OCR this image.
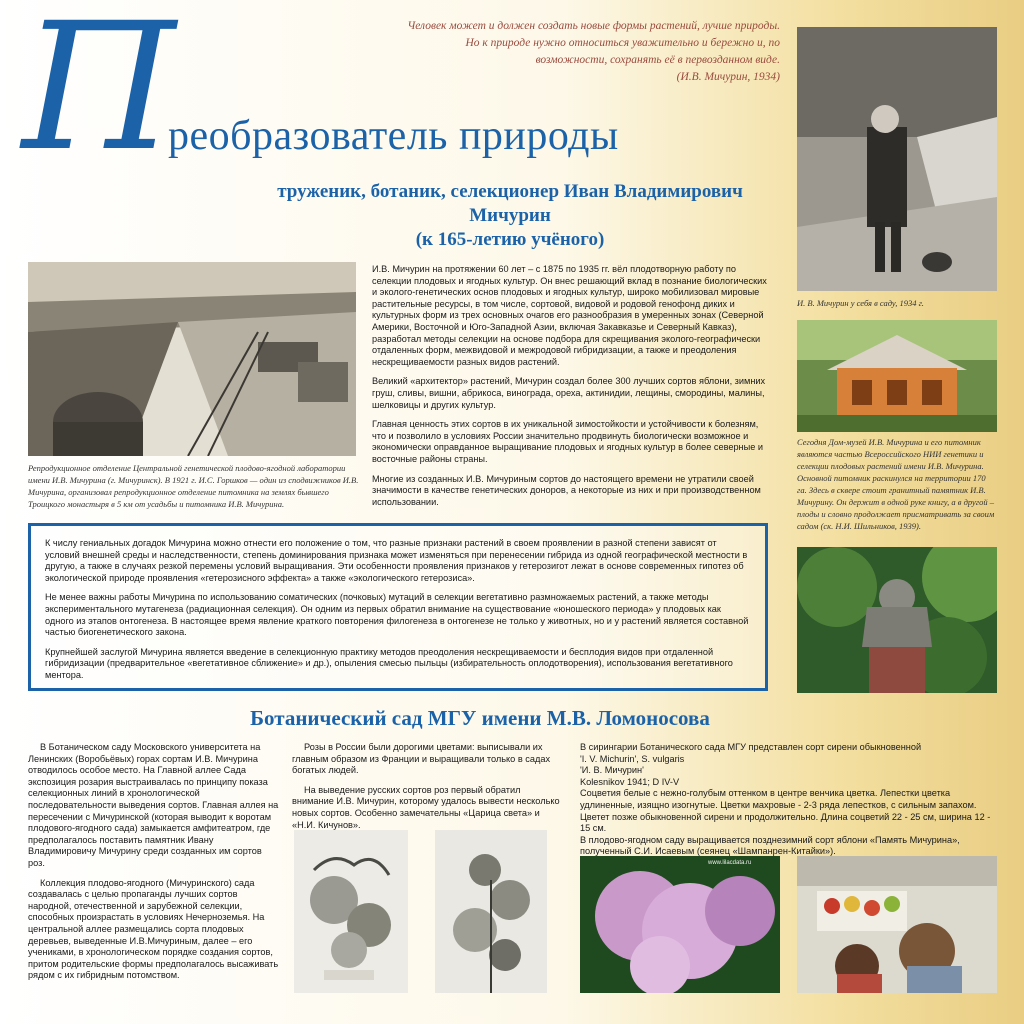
П
реобразователь природы
труженик, ботаник, селекционер Иван Владимирович Мичурин
(к 165-летию учёного)
Человек может и должен создать новые формы растений, лучше природы. Но к природе нужно относиться уважительно и бережно и, по возможности, сохранять её в первозданном виде.
(И.В. Мичурин, 1934)
Репродукционное отделение Центральной генетической плодово-ягодной лаборатории имени И.В. Мичурина (г. Мичуринск). В 1921 г. И.С. Горшков — один из сподвижников И.В. Мичурина, организовал репродукционное отделение питомника на землях бывшего Троицкого монастыря в 5 км от усадьбы и питомника И.В. Мичурина.

И.В. Мичурин на протяжении 60 лет – с 1875 по 1935 гг. вёл плодотворную работу по селекции плодовых и ягодных культур. Он внес решающий вклад в познание биологических и эколого-генетических основ плодовых и ягодных культур, широко мобилизовал мировые растительные ресурсы, в том числе, сортовой, видовой и родовой генофонд диких и культурных форм из трех основных очагов его разнообразия в умеренных зонах (Северной Америки, Восточной и Юго-Западной Азии, включая Закавказье и Северный Кавказ), разработал методы селекции на основе подбора для скрещивания эколого-географически отдаленных форм, межвидовой и межродовой гибридизации, а также и преодоления нескрещиваемости разных видов растений.

Великий «архитектор» растений, Мичурин создал более 300 лучших сортов яблони, зимних груш, сливы, вишни, абрикоса, винограда, ореха, актинидии, лещины, смородины, малины, шелковицы и других культур.

Главная ценность этих сортов в их уникальной зимостойкости и устойчивости к болезням, что и позволило в условиях России значительно продвинуть биологически возможное и экономически оправданное выращивание плодовых и ягодных культур в более северные и восточные районы страны.

Многие из созданных И.В. Мичуриным сортов до настоящего времени не утратили своей значимости в качестве генетических доноров, а некоторые из них и при производственном использовании.

И. В. Мичурин у себя в саду, 1934 г.
Сегодня Дом-музей И.В. Мичурина и его питомник являются частью Всероссийского НИИ генетики и селекции плодовых растений имени И.В. Мичурина. Основной питомник раскинулся на территории 170 га. Здесь в сквере стоит гранитный памятник И.В. Мичурину. Он держит в одной руке книгу, а в другой – плоды и словно продолжает присматривать за своим садом (ск. Н.И. Шильников, 1939).

К числу гениальных догадок Мичурина можно отнести его положение о том, что разные признаки растений в своем проявлении в разной степени зависят от условий внешней среды и наследственности, степень доминирования признака может изменяться при перенесении гибрида из одной географической местности в другую, а также в случаях резкой перемены условий выращивания. Эти особенности проявления признаков у гетерозигот лежат в основе современных гипотез об экологической природе проявления «гетерозисного эффекта» а также «экологического гетерозиса».

Не менее важны работы Мичурина по использованию соматических (почковых) мутаций в селекции вегетативно размножаемых растений, а также методы экспериментального мутагенеза (радиационная селекция). Он одним из первых обратил внимание на существование «юношеского периода» у плодовых как одного из этапов онтогенеза. В настоящее время явление краткого повторения филогенеза в онтогенезе не только у животных, но и у растений является составной частью биогенетического закона.

Крупнейшей заслугой Мичурина является введение в селекционную практику методов преодоления нескрещиваемости и бесплодия видов при отдаленной гибридизации (предварительное «вегетативное сближение» и др.), опыления смесью пыльцы (избирательность оплодотворения), использования вегетативного ментора.

Ботанический сад МГУ имени М.В. Ломоносова

В Ботаническом саду Московского университета на Ленинских (Воробьёвых) горах сортам И.В. Мичурина отводилось особое место. На Главной аллее Сада экспозиция розария выстраивалась по принципу показа селекционных линий в хронологической последовательности выведения сортов. Главная аллея на пересечении с Мичуринской (которая выводит к воротам плодового-ягодного сада) замыкается амфитеатром, где предполагалось поставить памятник Ивану Владимировичу Мичурину среди созданных им сортов роз.

Коллекция плодово-ягодного (Мичуринского) сада создавалась с целью пропаганды лучших сортов народной, отечественной и зарубежной селекции, способных произрастать в условиях Нечерноземья. На центральной аллее размещались сорта плодовых деревьев, выведенные И.В.Мичуриным, далее – его учениками, в хронологическом порядке создания сортов, притом родительские формы предполагалось высаживать рядом с их гибридным потомством.

Розы в России были дорогими цветами: выписывали их главным образом из Франции и выращивали только в садах богатых людей.

На выведение русских сортов роз первый обратил внимание И.В. Мичурин, которому удалось вывести несколько новых сортов. Особенно замечательны «Царица света» и «Н.И. Кичунов».

В сирингарии Ботанического сада МГУ представлен сорт сирени обыкновенной

'I. V. Michurin', S. vulgaris

'И. В. Мичурин'

Kolesnikov 1941; D IV-V

Соцветия белые с нежно-голубым оттенком в центре венчика цветка. Лепестки цветка удлиненные, изящно изогнутые. Цветки махровые - 2-3 ряда лепестков, с сильным запахом. Цветет позже обыкновенной сирени и продолжительно. Длина соцветий 22 - 25 см, ширина 12 - 15 см.

В плодово-ягодном саду выращивается позднезимний сорт яблони «Память Мичурина», полученный С.И. Исаевым (сеянец «Шампанрен-Китайки»).

www.lilacdata.ru
